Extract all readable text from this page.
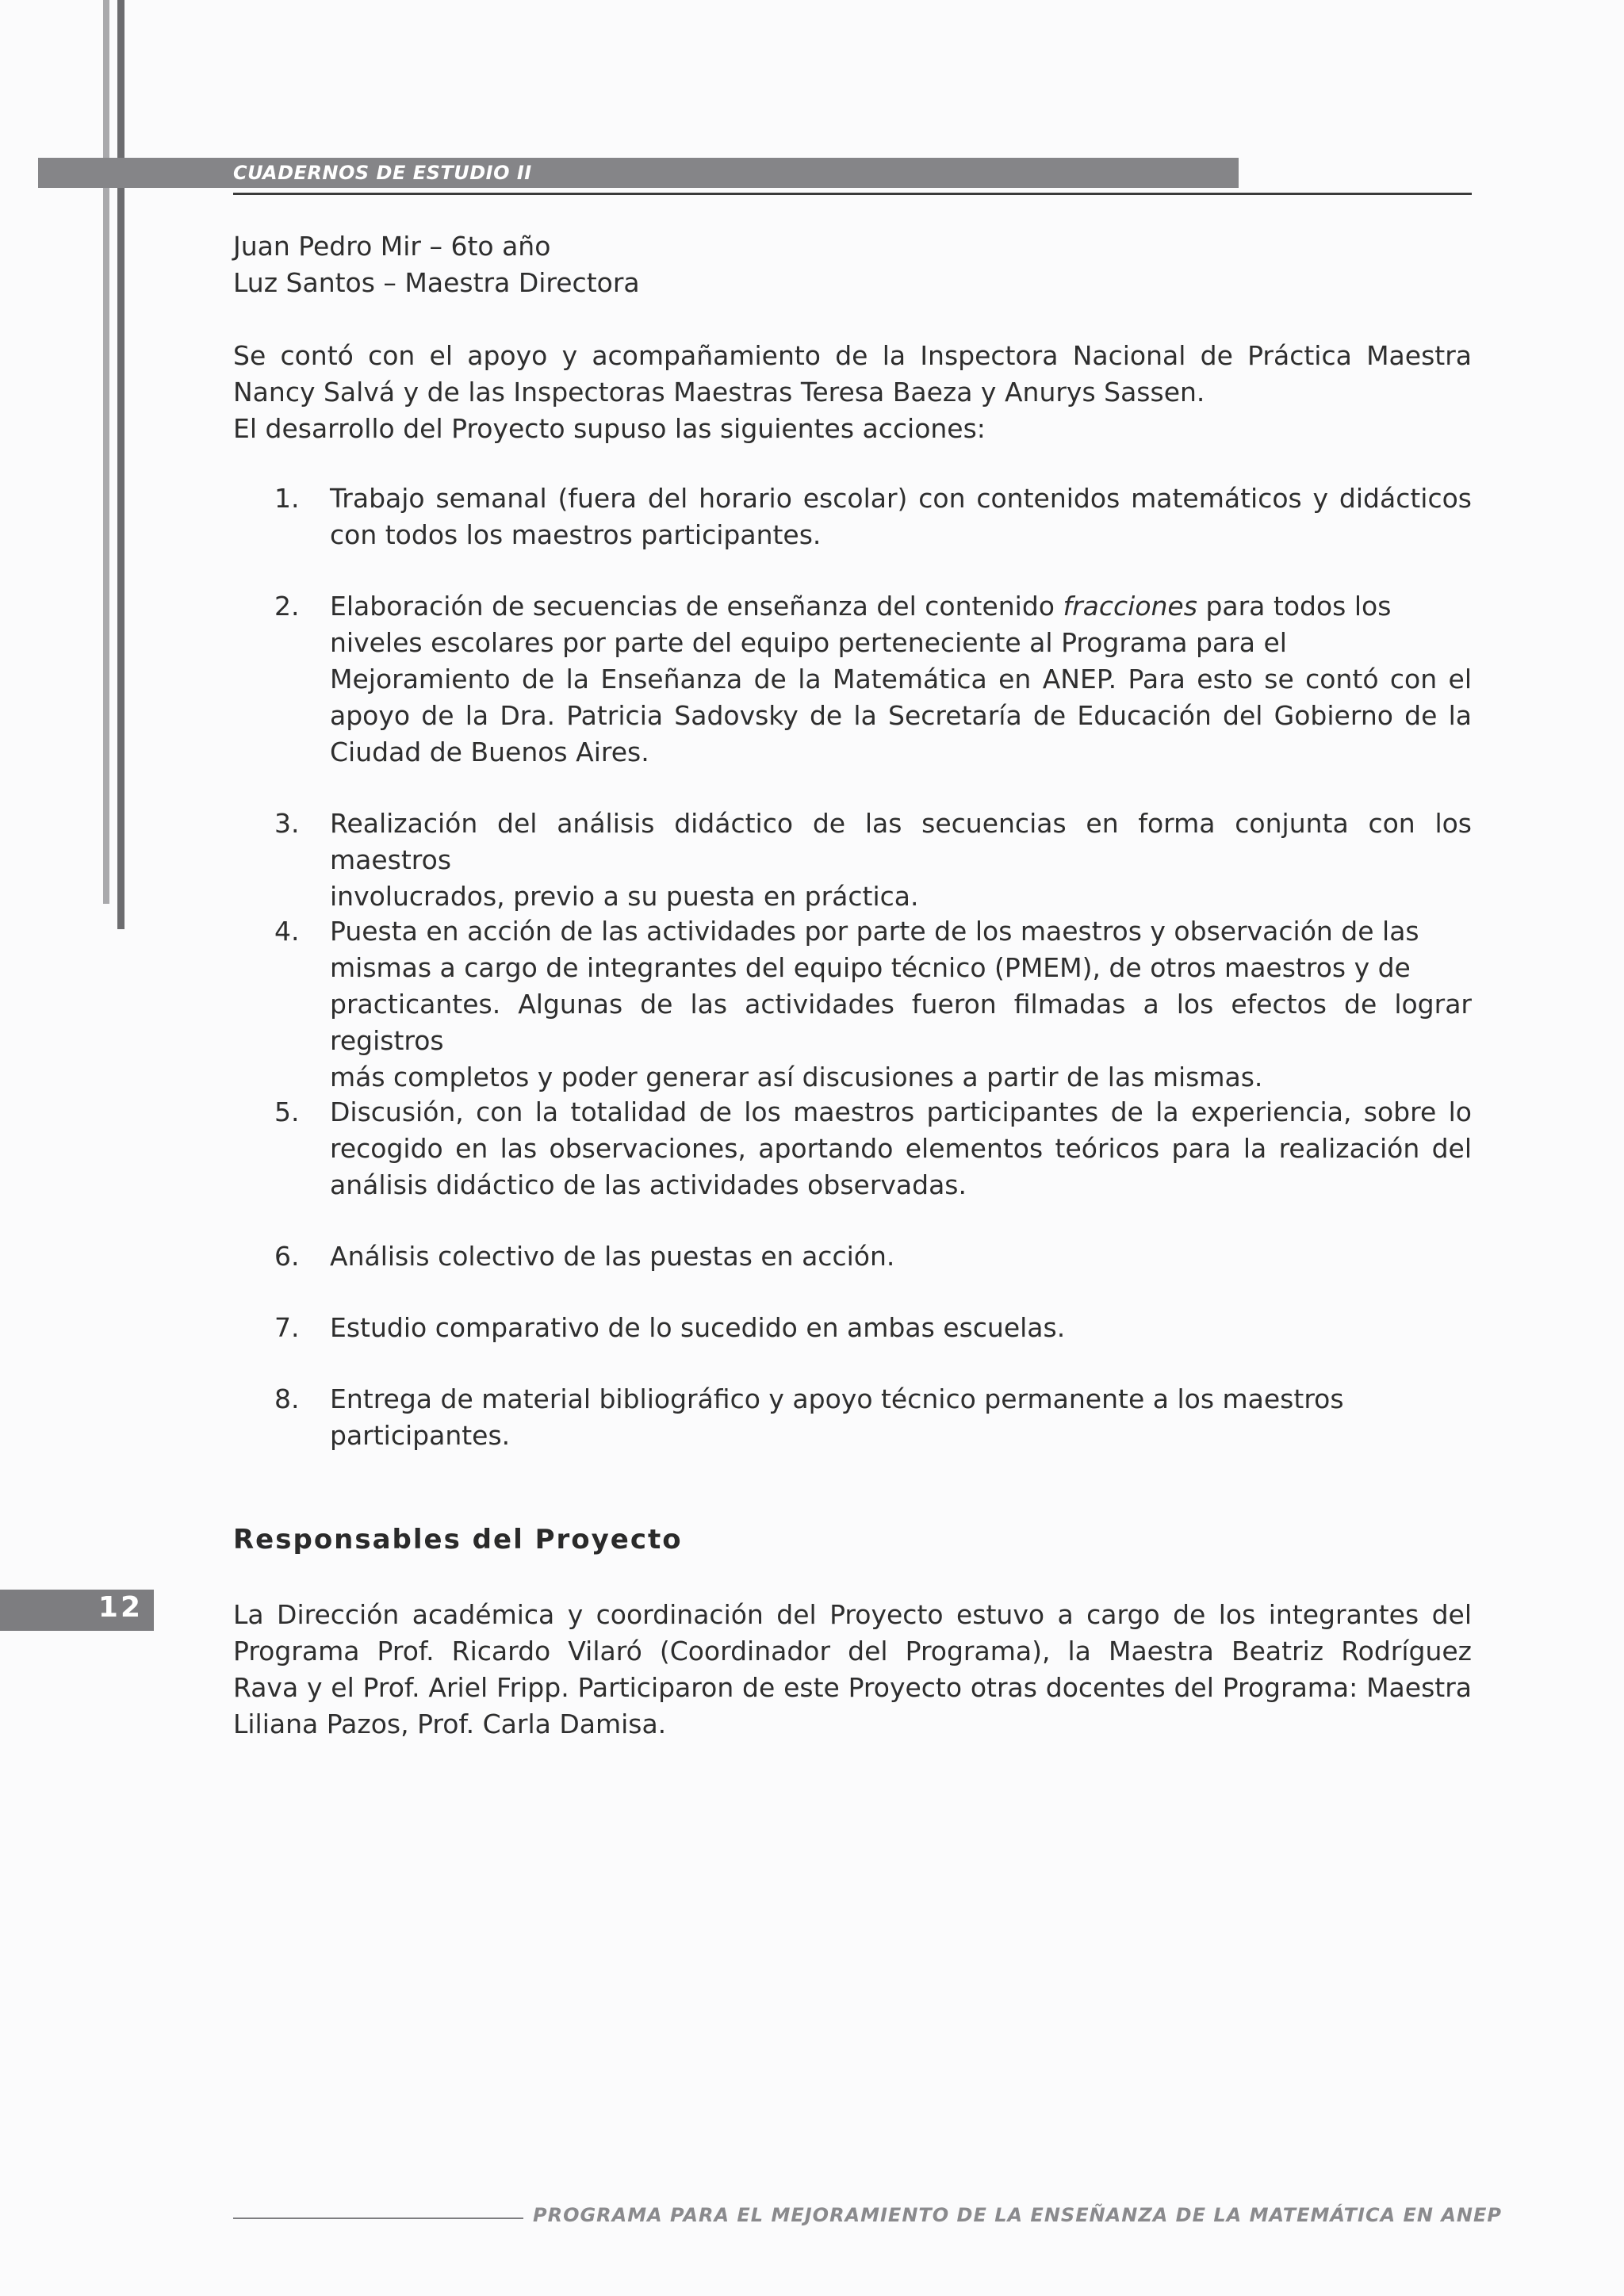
CUADERNOS DE ESTUDIO II
Juan Pedro Mir – 6to año
Luz Santos – Maestra Directora
Se contó con el apoyo y acompañamiento de la Inspectora Nacional de Práctica Maestra
Nancy Salvá y de las Inspectoras Maestras Teresa Baeza y Anurys Sassen.
El desarrollo del Proyecto supuso las siguientes acciones:
1.	Trabajo semanal (fuera del horario escolar) con contenidos matemáticos y didácticos
con todos los maestros participantes.
2.	Elaboración de secuencias de enseñanza del contenido fracciones para todos los
niveles escolares por parte del equipo perteneciente al Programa para el
Mejoramiento de la Enseñanza de la Matemática en ANEP. Para esto se contó con el
apoyo de la Dra. Patricia Sadovsky de la Secretaría de Educación del Gobierno de la
Ciudad de Buenos Aires.
3.	Realización del análisis didáctico de las secuencias en forma conjunta con los maestros
involucrados, previo a su puesta en práctica.
4.	Puesta en acción de las actividades por parte de los maestros y observación de las
mismas a cargo de integrantes del equipo técnico (PMEM), de otros maestros y de
practicantes. Algunas de las actividades fueron filmadas a los efectos de lograr registros
más completos y poder generar así discusiones a partir de las mismas.
5.	Discusión, con la totalidad de los maestros participantes de la experiencia, sobre lo
recogido en las observaciones, aportando elementos teóricos para la realización del
análisis didáctico de las actividades observadas.
6.	Análisis colectivo de las puestas en acción.
7.	Estudio comparativo de lo sucedido en ambas escuelas.
8.	Entrega de material bibliográfico y apoyo técnico permanente a los maestros
participantes.
Responsables del Proyecto
12	La Dirección académica y coordinación del Proyecto estuvo a cargo de los integrantes del
Programa Prof. Ricardo Vilaró (Coordinador del Programa), la Maestra Beatriz Rodríguez
Rava y el Prof. Ariel Fripp. Participaron de este Proyecto otras docentes del Programa: Maestra
Liliana Pazos, Prof. Carla Damisa.
PROGRAMA PARA EL MEJORAMIENTO DE LA ENSEÑANZA DE LA MATEMÁTICA EN ANEP
